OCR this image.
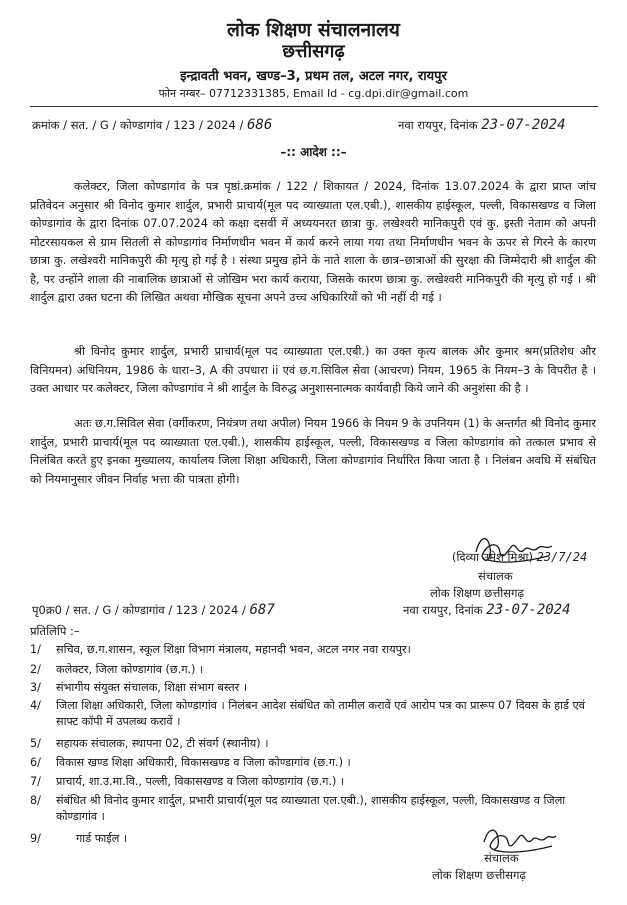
लोक शिक्षण संचालनालय
छत्तीसगढ़
इन्द्रावती भवन, खण्ड–3, प्रथम तल, अटल नगर, रायपुर
फोन नम्बर– 07712331385, Email Id - cg.dpi.dir@gmail.com
क्रमांक / सत. / G / कोण्डागांव / 123 / 2024 / 686	नवा रायपुर, दिनांक 23-07-2024
–:: आदेश ::–

कलेक्टर, जिला कोण्डागांव के पत्र पृष्ठां.क्रमांक / 122 / शिकायत / 2024, दिनांक 13.07.2024 के द्वारा प्राप्त जांच प्रतिवेदन अनुसार श्री विनोद कुमार शार्दुल, प्रभारी प्राचार्य(मूल पद व्याख्याता एल.एबी.), शासकीय हाईस्कूल, पल्ली, विकासखण्ड व जिला कोण्डागांव के द्वारा दिनांक 07.07.2024 को कक्षा दसवीं में अध्ययनरत छात्रा कु. लखेश्वरी मानिकपुरी एवं कु. इस्ती नेताम को अपनी मोटरसायकल से ग्राम सितली से कोण्डागांव निर्माणधीन भवन में कार्य करने लाया गया तथा निर्माणधीन भवन के ऊपर से गिरने के कारण छात्रा कु. लखेश्वरी मानिकपुरी की मृत्यु हो गई है । संस्था प्रमुख होने के नाते शाला के छात्र–छात्राओं की सुरक्षा की जिम्मेदारी श्री शार्दुल की है, पर उन्होंने शाला की नाबालिक छात्राओं से जोखिम भरा कार्य कराया, जिसके कारण छात्रा कु. लखेश्वरी मानिकपुरी की मृत्यु हो गई । श्री शार्दुल द्वारा उक्त घटना की लिखित अथवा मौखिक सूचना अपने उच्च अधिकारियों को भी नहीं दी गई ।

श्री विनोद कुमार शार्दुल, प्रभारी प्राचार्य(मूल पद व्याख्याता एल.एबी.) का उक्त कृत्य बालक और कुमार श्रम(प्रतिशेध और विनियमन) अधिनियम, 1986 के धारा–3, A की उपधारा ii एवं छ.ग.सिविल सेवा (आचरण) नियम, 1965 के नियम–3 के विपरीत है । उक्त आधार पर कलेक्टर, जिला कोण्डागांव ने श्री शार्दुल के विरुद्ध अनुशासनात्मक कार्यवाही किये जाने की अनुशंसा की है ।

अतः छ.ग.सिविल सेवा (वर्गीकरण, नियंत्रण तथा अपील) नियम 1966 के नियम 9 के उपनियम (1) के अन्तर्गत श्री विनोद कुमार शार्दुल, प्रभारी प्राचार्य(मूल पद व्याख्याता एल.एबी.), शासकीय हाईस्कूल, पल्ली, विकासखण्ड व जिला कोण्डागांव को तत्काल प्रभाव से निलंबित करते हुए इनका मुख्यालय, कार्यालय जिला शिक्षा अधिकारी, जिला कोण्डागांव निर्धारित किया जाता है । निलंबन अवधि में संबंधित को नियमानुसार जीवन निर्वाह भत्ता की पात्रता होगी।

(दिव्या उमेश मिश्रा) 23/7/24
संचालक
लोक शिक्षण छत्तीसगढ़
पृ0क्र0 / सत. / G / कोण्डागांव / 123 / 2024 / 687	नवा रायपुर, दिनांक 23-07-2024
प्रतिलिपि :–
1/	सचिव, छ.ग.शासन, स्कूल शिक्षा विभाग मंत्रालय, महानदी भवन, अटल नगर नवा रायपुर।
2/	कलेक्टर, जिला कोण्डागांव (छ.ग.) ।
3/	संभागीय संयुक्त संचालक, शिक्षा संभाग बस्तर ।
4/	जिला शिक्षा अधिकारी, जिला कोण्डागांव । निलंबन आदेश संबंधित को तामील करावें एवं आरोप पत्र का प्रारूप 07 दिवस के हार्ड एवं साफ्ट कॉपी में उपलब्ध करावें ।
5/	सहायक संचालक, स्थापना 02, टी संवर्ग (स्थानीय) ।
6/	विकास खण्ड शिक्षा अधिकारी, विकासखण्ड व जिला कोण्डागांव (छ.ग.) ।
7/	प्राचार्य, शा.उ.मा.वि., पल्ली, विकासखण्ड व जिला कोण्डागांव (छ.ग.) ।
8/	संबंधित श्री विनोद कुमार शार्दुल, प्रभारी प्राचार्य(मूल पद व्याख्याता एल.एबी.), शासकीय हाईस्कूल, पल्ली, विकासखण्ड व जिला कोण्डागांव ।
9/	गार्ड फाईल ।
संचालक
लोक शिक्षण छत्तीसगढ़
